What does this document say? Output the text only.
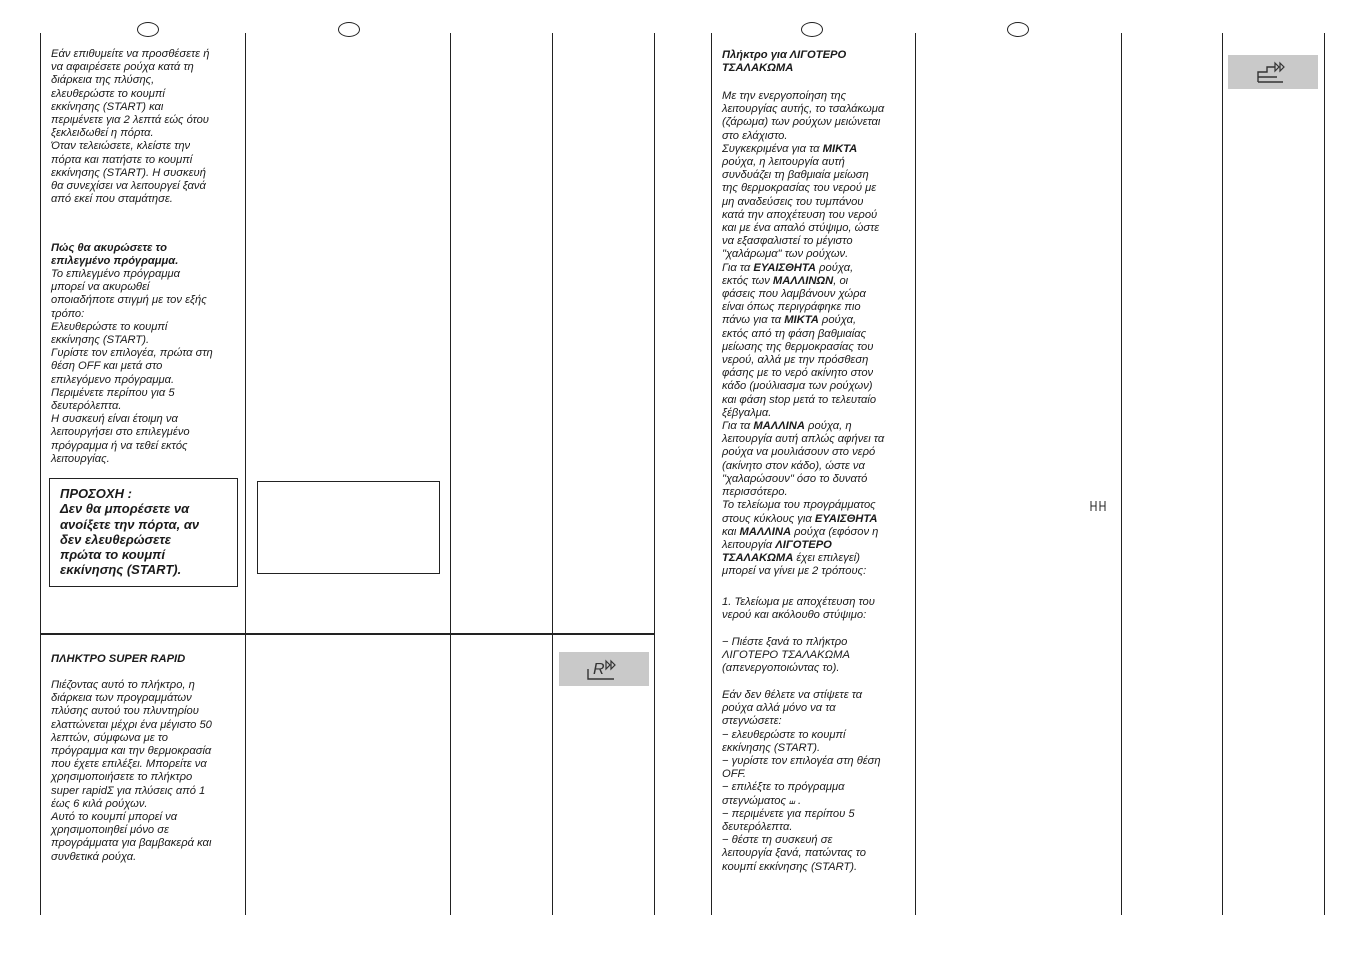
Εάν επιθυμείτε να προσθέσετε ή
να αφαιρέσετε ρούχα κατά τη
διάρκεια της πλύσης,
ελευθερώστε το κουμπί
εκκίνησης (START) και
περιμένετε για 2 λεπτά εώς ότου
ξεκλειδωθεί η πόρτα.
Όταν τελειώσετε, κλείστε την
πόρτα και πατήστε το κουμπί
εκκίνησης (START). Η συσκευή
θα συνεχίσει να λειτουργεί ξανά
από εκεί που σταμάτησε.
Πώς θα ακυρώσετε το
επιλεγμένο πρόγραμμα.
Το επιλεγμένο πρόγραμμα
μπορεί να ακυρωθεί
οποιαδήποτε στιγμή με τον εξής
τρόπο:
Ελευθερώστε το κουμπί
εκκίνησης (START).
Γυρίστε τον επιλογέα, πρώτα στη
θέση OFF και μετά στο
επιλεγόμενο πρόγραμμα.
Περιμένετε περίπου για 5
δευτερόλεπτα.
Η συσκευή είναι έτοιμη να
λειτουργήσει στο επιλεγμένο
πρόγραμμα ή να τεθεί εκτός
λειτουργίας.
ΠΡΟΣΟΧΗ :
Δεν θα μπορέσετε να
ανοίξετε την πόρτα, αν
δεν ελευθερώσετε
πρώτα το κουμπί
εκκίνησης (START).
ΠΛΗΚΤΡΟ SUPER RAPID
Πιέζοντας αυτό το πλήκτρο, η
διάρκεια των προγραμμάτων
πλύσης αυτού του πλυντηρίου
ελαττώνεται μέχρι ένα μέγιστο 50
λεπτών, σύμφωνα με το
πρόγραμμα και την θερμοκρασία
που έχετε επιλέξει. Μπορείτε να
χρησιμοποιήσετε το πλήκτρο
super rapidΣ για πλύσεις από 1
έως 6 κιλά ρούχων.
Αυτό το κουμπί μπορεί να
χρησιμοποιηθεί μόνο σε
προγράμματα για βαμβακερά και
συνθετικά ρούχα.
R
Πλήκτρο για ΛΙΓΟΤΕΡΟ
ΤΣΑΛΑΚΩΜΑ
Με την ενεργοποίηση της
λειτουργίας αυτής, το τσαλάκωμα
(ζάρωμα) των ρούχων μειώνεται
στο ελάχιστο.
Συγκεκριμένα για τα ΜΙΚΤΑ
ρούχα, η λειτουργία αυτή
συνδυάζει τη βαθμιαία μείωση
της θερμοκρασίας του νερού με
μη αναδεύσεις του τυμπάνου
κατά την αποχέτευση του νερού
και με ένα απαλό στύψιμο, ώστε
να εξασφαλιστεί το μέγιστο
"χαλάρωμα" των ρούχων.
Για τα ΕΥΑΙΣΘΗΤΑ ρούχα,
εκτός των ΜΑΛΛΙΝΩΝ, οι
φάσεις που λαμβάνουν χώρα
είναι όπως περιγράφηκε πιο
πάνω για τα ΜΙΚΤΑ ρούχα,
εκτός από τη φάση βαθμιαίας
μείωσης της θερμοκρασίας του
νερού, αλλά με την πρόσθεση
φάσης με το νερό ακίνητο στον
κάδο (μούλιασμα των ρούχων)
και φάση stop μετά το τελευταίο
ξέβγαλμα.
Για τα ΜΑΛΛΙΝΑ ρούχα, η
λειτουργία αυτή απλώς αφήνει τα
ρούχα να μουλιάσουν στο νερό
(ακίνητο στον κάδο), ώστε να
"χαλαρώσουν" όσο το δυνατό
περισσότερο.
Το τελείωμα του προγράμματος
στους κύκλους για ΕΥΑΙΣΘΗΤΑ
και ΜΑΛΛΙΝΑ ρούχα (εφόσον η
λειτουργία ΛΙΓΟΤΕΡΟ
ΤΣΑΛΑΚΩΜΑ έχει επιλεγεί)
μπορεί να γίνει με 2 τρόπους:
1. Τελείωμα με αποχέτευση του
νερού και ακόλουθο στύψιμο:
− Πιέστε ξανά το πλήκτρο
ΛΙΓΟΤΕΡΟ ΤΣΑΛΑΚΩΜΑ
(απενεργοποιώντας το).
Εάν δεν θέλετε να στίψετε τα
ρούχα αλλά μόνο να τα
στεγνώσετε:
− ελευθερώστε το κουμπί
εκκίνησης (START).
− γυρίστε τον επιλογέα στη θέση
OFF.
− επιλέξτε το πρόγραμμα
στεγνώματος ⧢ .
− περιμένετε για περίπου 5
δευτερόλεπτα.
− θέστε τη συσκευή σε
λειτουργία ξανά, πατώντας το
κουμπί εκκίνησης (START).
